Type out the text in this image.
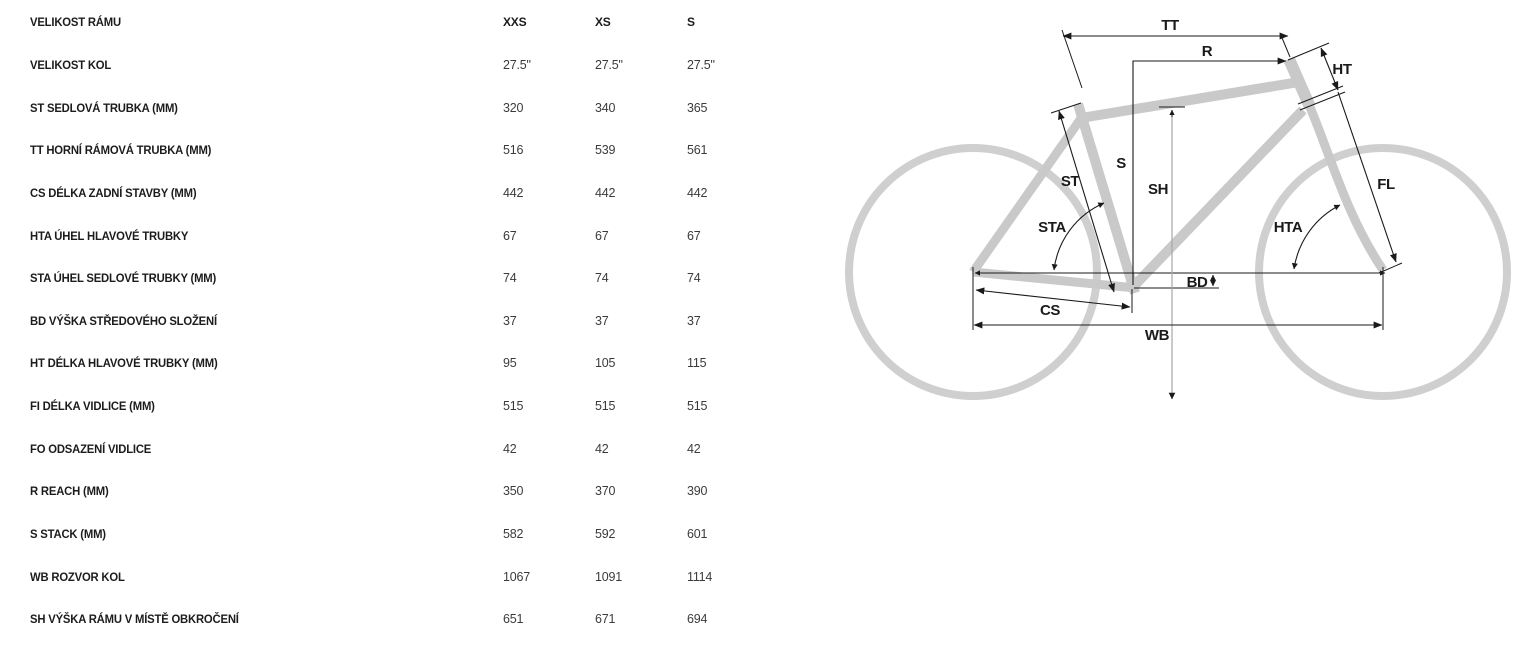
VELIKOST RÁMU	XXS	XS	S
VELIKOST KOL	27.5"	27.5"	27.5"
ST SEDLOVÁ TRUBKA (MM)	320	340	365
TT HORNÍ RÁMOVÁ TRUBKA (MM)	516	539	561
CS DÉLKA ZADNÍ STAVBY (MM)	442	442	442
HTA ÚHEL HLAVOVÉ TRUBKY	67	67	67
STA ÚHEL SEDLOVÉ TRUBKY (MM)	74	74	74
BD VÝŠKA STŘEDOVÉHO SLOŽENÍ	37	37	37
HT DÉLKA HLAVOVÉ TRUBKY (MM)	95	105	115
FI DÉLKA VIDLICE (MM)	515	515	515
FO ODSAZENÍ VIDLICE	42	42	42
R REACH (MM)	350	370	390
S STACK (MM)	582	592	601
WB ROZVOR KOL	1067	1091	1114
SH VÝŠKA RÁMU V MÍSTĚ OBKROČENÍ	651	671	694
TT
R
S
SH
ST
STA
HT
FL
HTA
BD
CS
WB
